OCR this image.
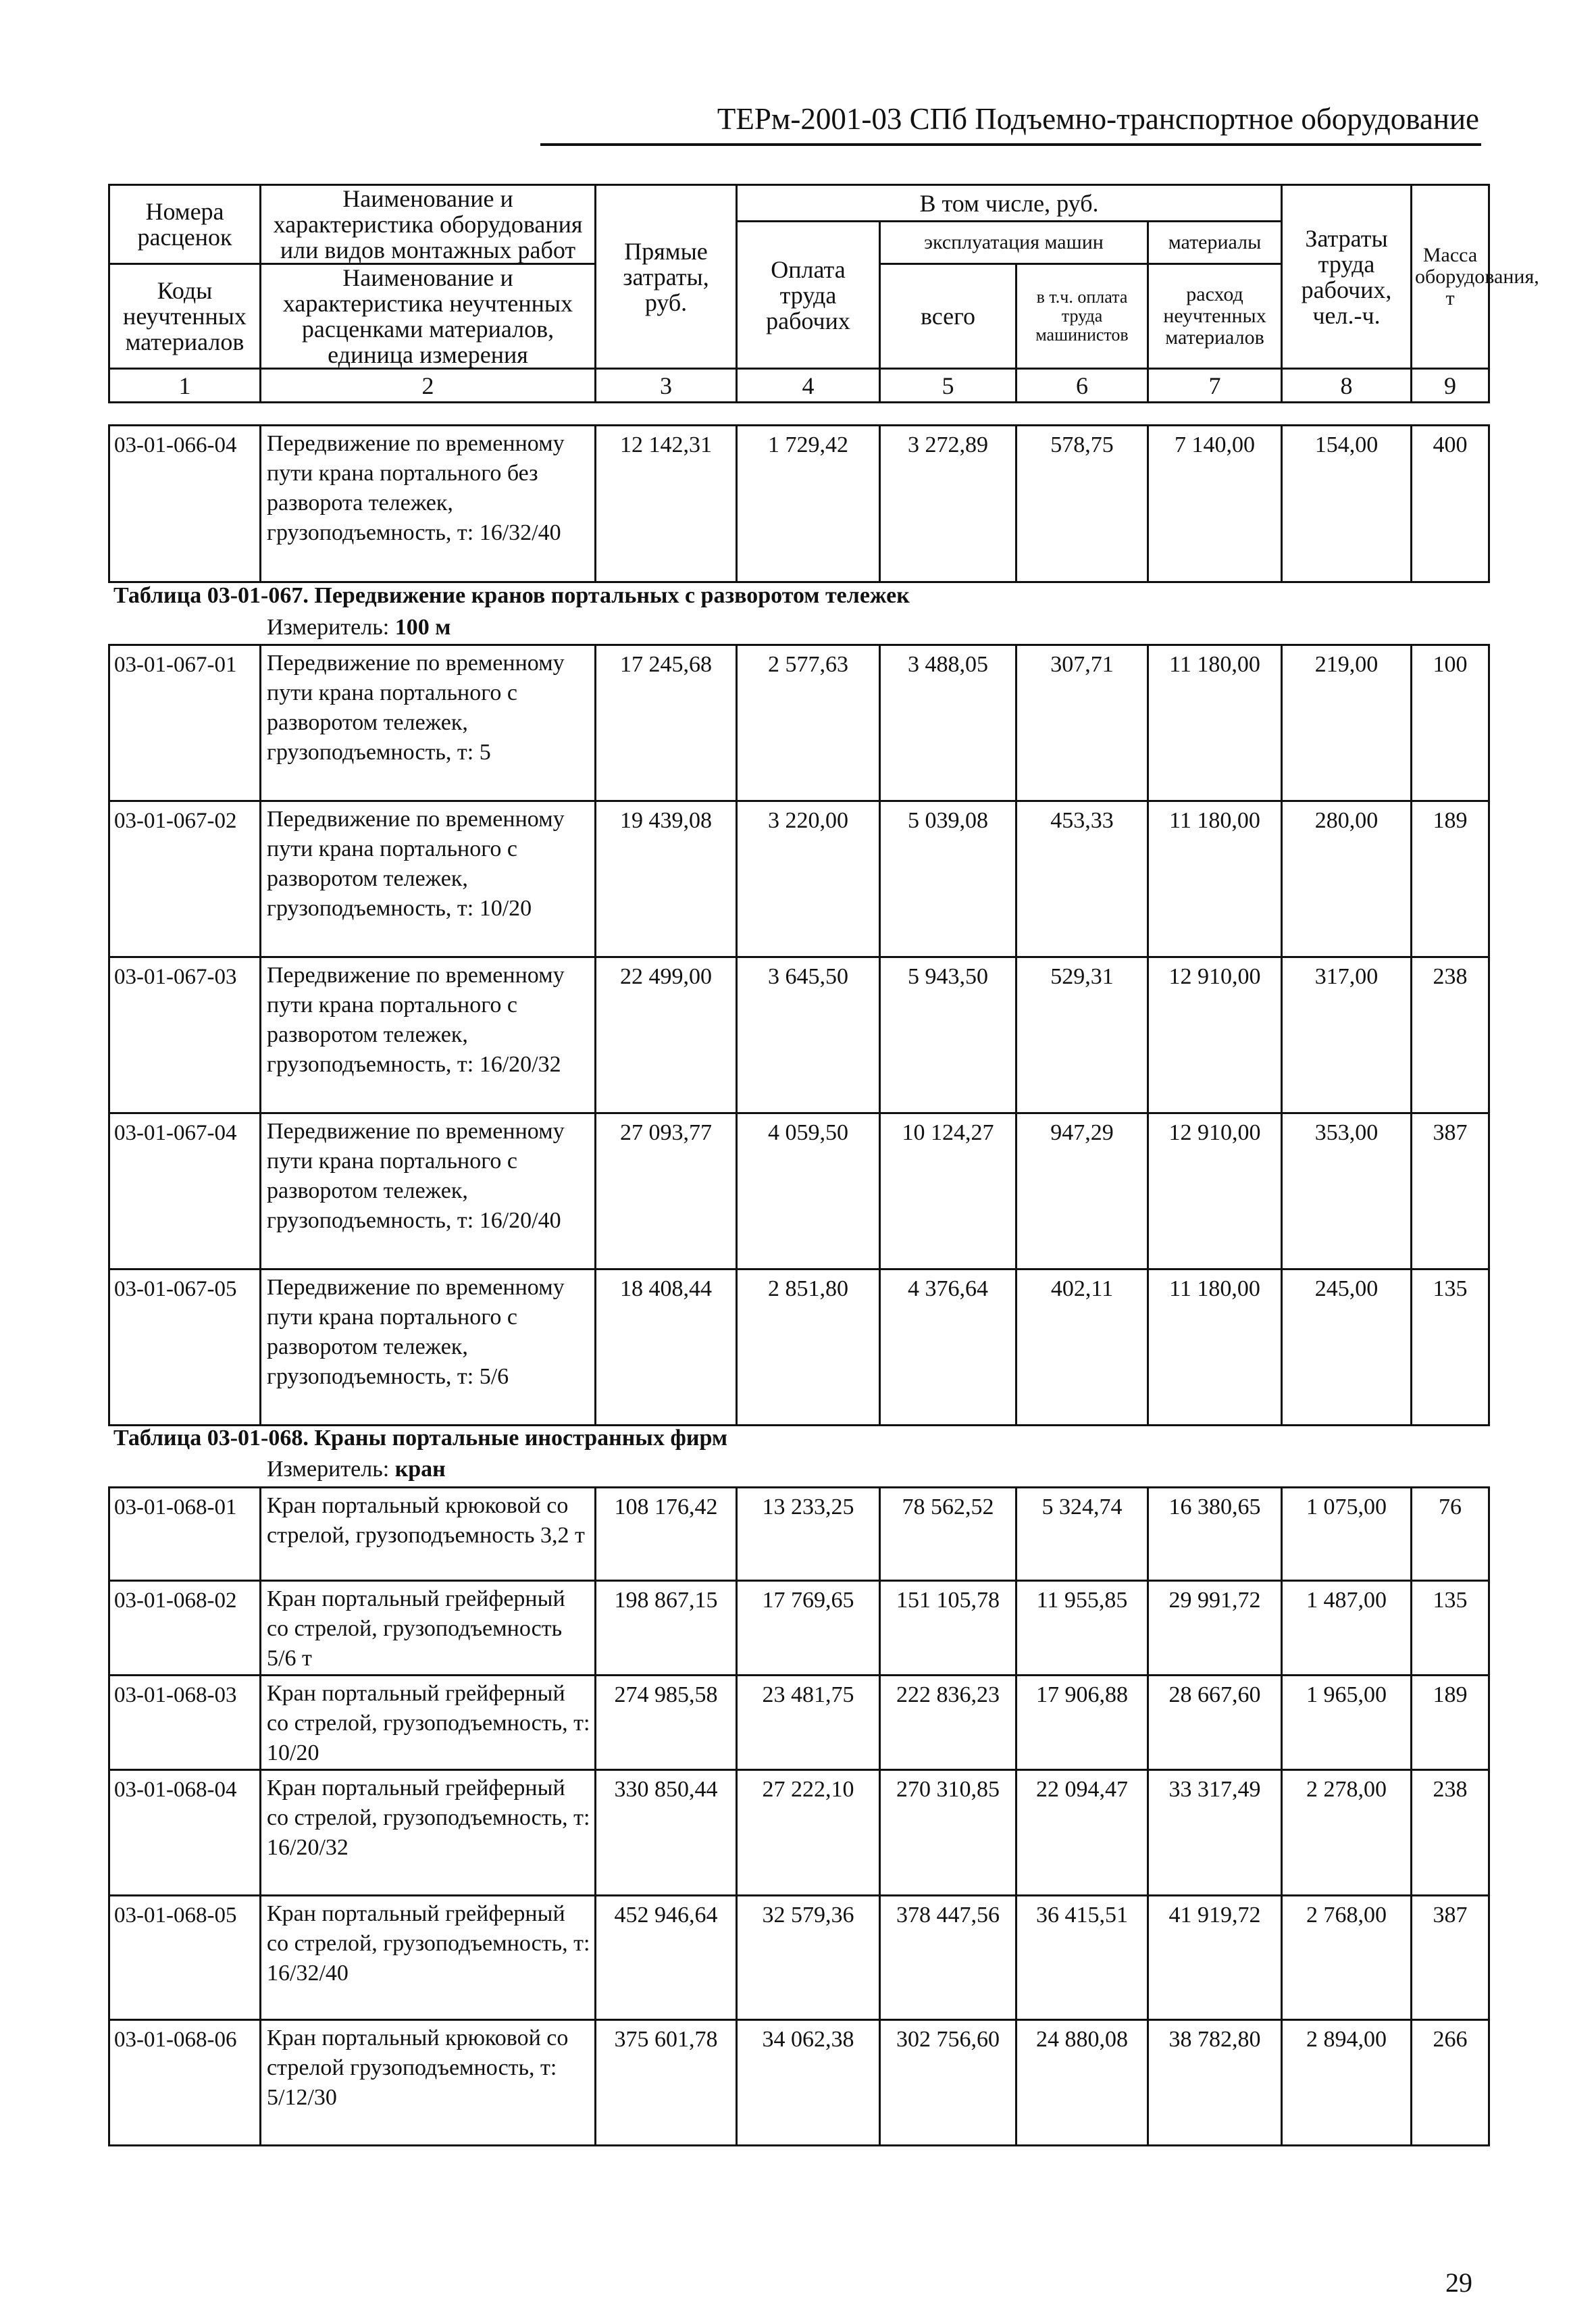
ТЕРм-2001-03 СПб Подъемно-транспортное оборудование
Номера расценок	Наименование и характеристика оборудования или видов монтажных работ	Прямые затраты, руб.	В том числе, руб.				Затраты труда рабочих, чел.-ч.	Масса оборудования, т
			Оплата труда рабочих	эксплуатация машин		материалы		
Коды неучтенных материалов	Наименование и характеристика неучтенных расценками материалов, единица измерения			всего	в т.ч. оплата труда машинистов	расход неучтенных материалов		

1	2	3	4	5	6	7	8	9
03-01-066-04	Передвижение по временному пути крана портального без разворота тележек, грузоподъемность, т: 16/32/40	12 142,31	1 729,42	3 272,89	578,75	7 140,00	154,00	400
Таблица 03-01-067. Передвижение кранов портальных с разворотом тележек
Измеритель: 100 м
03-01-067-01	Передвижение по временному пути крана портального с разворотом тележек, грузоподъемность, т: 5	17 245,68	2 577,63	3 488,05	307,71	11 180,00	219,00	100
03-01-067-02	Передвижение по временному пути крана портального с разворотом тележек, грузоподъемность, т: 10/20	19 439,08	3 220,00	5 039,08	453,33	11 180,00	280,00	189
03-01-067-03	Передвижение по временному пути крана портального с разворотом тележек, грузоподъемность, т: 16/20/32	22 499,00	3 645,50	5 943,50	529,31	12 910,00	317,00	238
03-01-067-04	Передвижение по временному пути крана портального с разворотом тележек, грузоподъемность, т: 16/20/40	27 093,77	4 059,50	10 124,27	947,29	12 910,00	353,00	387
03-01-067-05	Передвижение по временному пути крана портального с разворотом тележек, грузоподъемность, т: 5/6	18 408,44	2 851,80	4 376,64	402,11	11 180,00	245,00	135
Таблица 03-01-068. Краны портальные иностранных фирм
Измеритель: кран
03-01-068-01	Кран портальный крюковой со стрелой, грузоподъемность 3,2 т	108 176,42	13 233,25	78 562,52	5 324,74	16 380,65	1 075,00	76
03-01-068-02	Кран портальный грейферный со стрелой, грузоподъемность 5/6 т	198 867,15	17 769,65	151 105,78	11 955,85	29 991,72	1 487,00	135
03-01-068-03	Кран портальный грейферный со стрелой, грузоподъемность, т: 10/20	274 985,58	23 481,75	222 836,23	17 906,88	28 667,60	1 965,00	189
03-01-068-04	Кран портальный грейферный со стрелой, грузоподъемность, т: 16/20/32	330 850,44	27 222,10	270 310,85	22 094,47	33 317,49	2 278,00	238
03-01-068-05	Кран портальный грейферный со стрелой, грузоподъемность, т: 16/32/40	452 946,64	32 579,36	378 447,56	36 415,51	41 919,72	2 768,00	387
03-01-068-06	Кран портальный крюковой со стрелой грузоподъемность, т: 5/12/30	375 601,78	34 062,38	302 756,60	24 880,08	38 782,80	2 894,00	266
29
